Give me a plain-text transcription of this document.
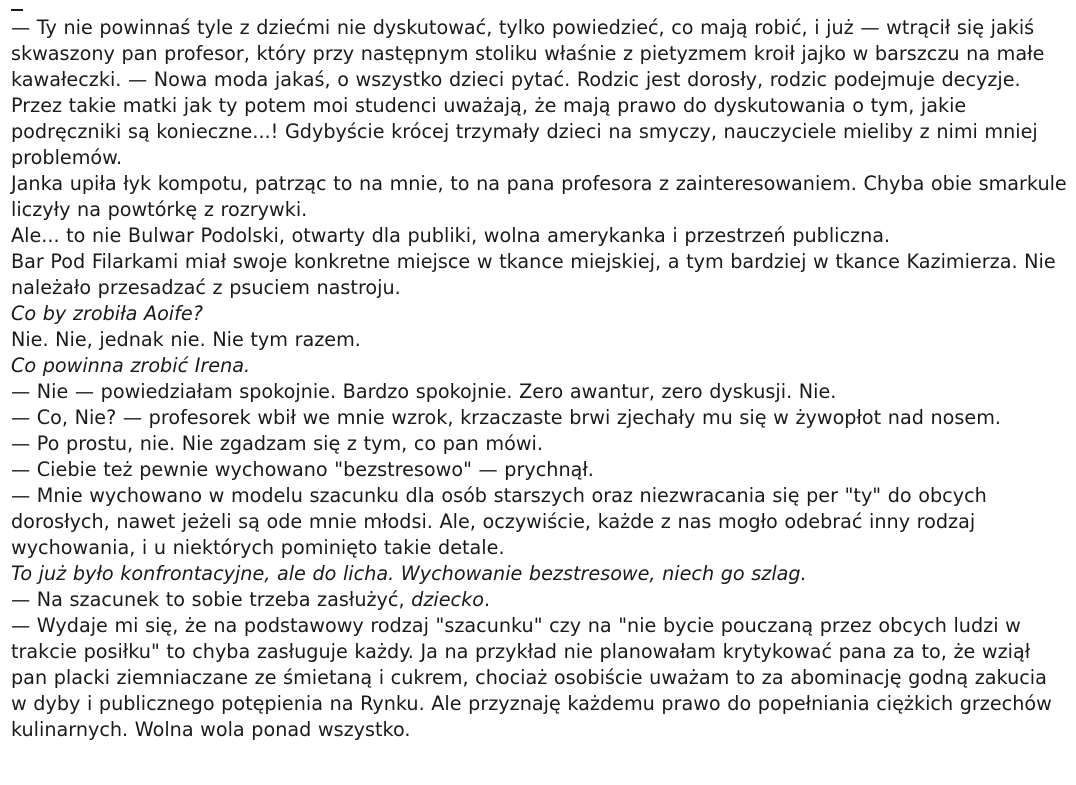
— Ty nie powinnaś tyle z dziećmi nie dyskutować, tylko powiedzieć, co mają robić, i już — wtrącił się jakiś skwaszony pan profesor, który przy następnym stoliku właśnie z pietyzmem kroił jajko w barszczu na małe kawałeczki. — Nowa moda jakaś, o wszystko dzieci pytać. Rodzic jest dorosły, rodzic podejmuje decyzje. Przez takie matki jak ty potem moi studenci uważają, że mają prawo do dyskutowania o tym, jakie podręczniki są konieczne...! Gdybyście krócej trzymały dzieci na smyczy, nauczyciele mieliby z nimi mniej problemów.

Janka upiła łyk kompotu, patrząc to na mnie, to na pana profesora z zainteresowaniem. Chyba obie smarkule liczyły na powtórkę z rozrywki.

Ale... to nie Bulwar Podolski, otwarty dla publiki, wolna amerykanka i przestrzeń publiczna.

Bar Pod Filarkami miał swoje konkretne miejsce w tkance miejskiej, a tym bardziej w tkance Kazimierza. Nie należało przesadzać z psuciem nastroju.

Co by zrobiła Aoife?

Nie. Nie, jednak nie. Nie tym razem.

Co powinna zrobić Irena.

— Nie — powiedziałam spokojnie. Bardzo spokojnie. Zero awantur, zero dyskusji. Nie.

— Co, Nie? — profesorek wbił we mnie wzrok, krzaczaste brwi zjechały mu się w żywopłot nad nosem.

— Po prostu, nie. Nie zgadzam się z tym, co pan mówi.

— Ciebie też pewnie wychowano "bezstresowo" — prychnął.

— Mnie wychowano w modelu szacunku dla osób starszych oraz niezwracania się per "ty" do obcych dorosłych, nawet jeżeli są ode mnie młodsi. Ale, oczywiście, każde z nas mogło odebrać inny rodzaj wychowania, i u niektórych pominięto takie detale.

To już było konfrontacyjne, ale do licha. Wychowanie bezstresowe, niech go szlag.

— Na szacunek to sobie trzeba zasłużyć, dziecko.

— Wydaje mi się, że na podstawowy rodzaj "szacunku" czy na "nie bycie pouczaną przez obcych ludzi w trakcie posiłku" to chyba zasługuje każdy. Ja na przykład nie planowałam krytykować pana za to, że wziął pan placki ziemniaczane ze śmietaną i cukrem, chociaż osobiście uważam to za abominację godną zakucia w dyby i publicznego potępienia na Rynku. Ale przyznaję każdemu prawo do popełniania ciężkich grzechów kulinarnych. Wolna wola ponad wszystko.
